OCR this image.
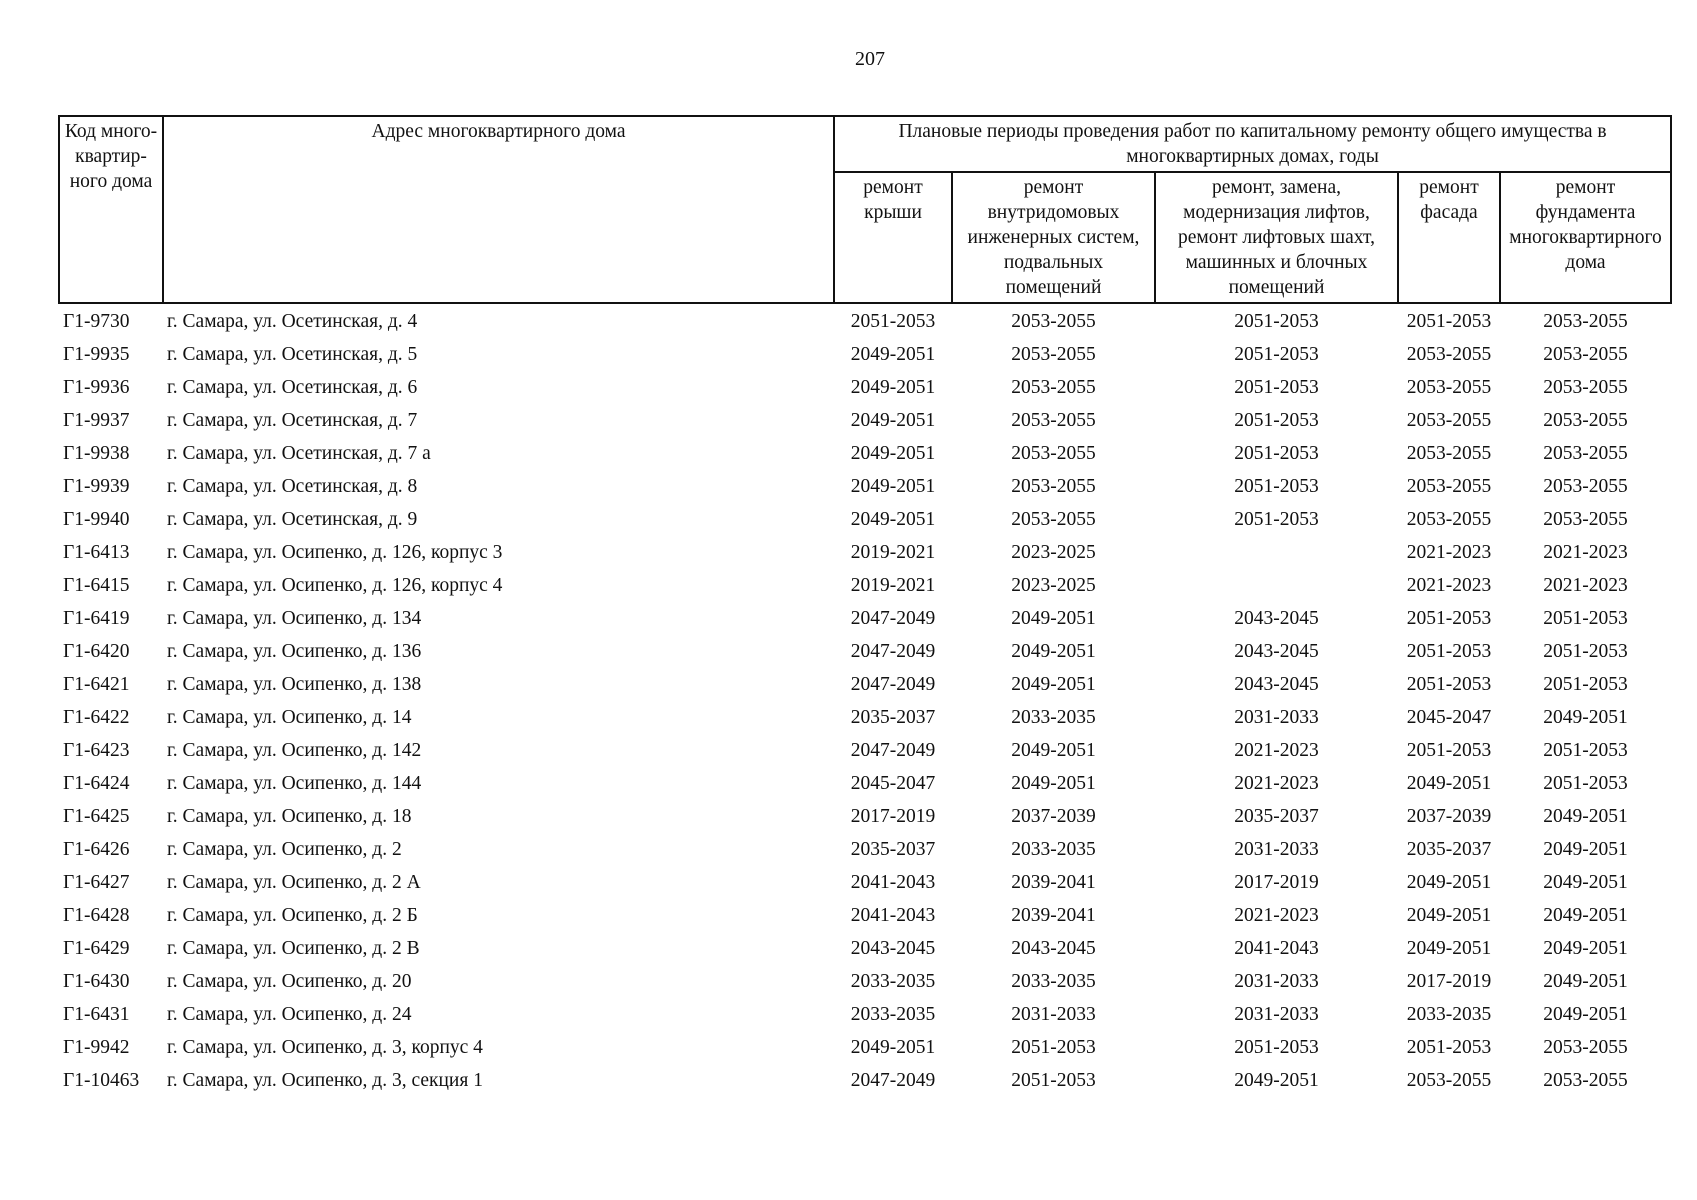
207
Код много-квартир-ного дома	Адрес многоквартирного дома	Плановые периоды проведения работ по капитальному ремонту общего имущества в многоквартирных домах, годы				
		ремонт крыши	ремонт внутридомовых инженерных систем, подвальных помещений	ремонт, замена, модернизация лифтов, ремонт лифтовых шахт, машинных и блочных помещений	ремонт фасада	ремонт фундамента многоквартирного дома
Г1-9730	г. Самара, ул. Осетинская, д. 4	2051-2053	2053-2055	2051-2053	2051-2053	2053-2055
Г1-9935	г. Самара, ул. Осетинская, д. 5	2049-2051	2053-2055	2051-2053	2053-2055	2053-2055
Г1-9936	г. Самара, ул. Осетинская, д. 6	2049-2051	2053-2055	2051-2053	2053-2055	2053-2055
Г1-9937	г. Самара, ул. Осетинская, д. 7	2049-2051	2053-2055	2051-2053	2053-2055	2053-2055
Г1-9938	г. Самара, ул. Осетинская, д. 7 а	2049-2051	2053-2055	2051-2053	2053-2055	2053-2055
Г1-9939	г. Самара, ул. Осетинская, д. 8	2049-2051	2053-2055	2051-2053	2053-2055	2053-2055
Г1-9940	г. Самара, ул. Осетинская, д. 9	2049-2051	2053-2055	2051-2053	2053-2055	2053-2055
Г1-6413	г. Самара, ул. Осипенко, д. 126, корпус 3	2019-2021	2023-2025		2021-2023	2021-2023
Г1-6415	г. Самара, ул. Осипенко, д. 126, корпус 4	2019-2021	2023-2025		2021-2023	2021-2023
Г1-6419	г. Самара, ул. Осипенко, д. 134	2047-2049	2049-2051	2043-2045	2051-2053	2051-2053
Г1-6420	г. Самара, ул. Осипенко, д. 136	2047-2049	2049-2051	2043-2045	2051-2053	2051-2053
Г1-6421	г. Самара, ул. Осипенко, д. 138	2047-2049	2049-2051	2043-2045	2051-2053	2051-2053
Г1-6422	г. Самара, ул. Осипенко, д. 14	2035-2037	2033-2035	2031-2033	2045-2047	2049-2051
Г1-6423	г. Самара, ул. Осипенко, д. 142	2047-2049	2049-2051	2021-2023	2051-2053	2051-2053
Г1-6424	г. Самара, ул. Осипенко, д. 144	2045-2047	2049-2051	2021-2023	2049-2051	2051-2053
Г1-6425	г. Самара, ул. Осипенко, д. 18	2017-2019	2037-2039	2035-2037	2037-2039	2049-2051
Г1-6426	г. Самара, ул. Осипенко, д. 2	2035-2037	2033-2035	2031-2033	2035-2037	2049-2051
Г1-6427	г. Самара, ул. Осипенко, д. 2 А	2041-2043	2039-2041	2017-2019	2049-2051	2049-2051
Г1-6428	г. Самара, ул. Осипенко, д. 2 Б	2041-2043	2039-2041	2021-2023	2049-2051	2049-2051
Г1-6429	г. Самара, ул. Осипенко, д. 2 В	2043-2045	2043-2045	2041-2043	2049-2051	2049-2051
Г1-6430	г. Самара, ул. Осипенко, д. 20	2033-2035	2033-2035	2031-2033	2017-2019	2049-2051
Г1-6431	г. Самара, ул. Осипенко, д. 24	2033-2035	2031-2033	2031-2033	2033-2035	2049-2051
Г1-9942	г. Самара, ул. Осипенко, д. 3, корпус 4	2049-2051	2051-2053	2051-2053	2051-2053	2053-2055
Г1-10463	г. Самара, ул. Осипенко, д. 3, секция 1	2047-2049	2051-2053	2049-2051	2053-2055	2053-2055
